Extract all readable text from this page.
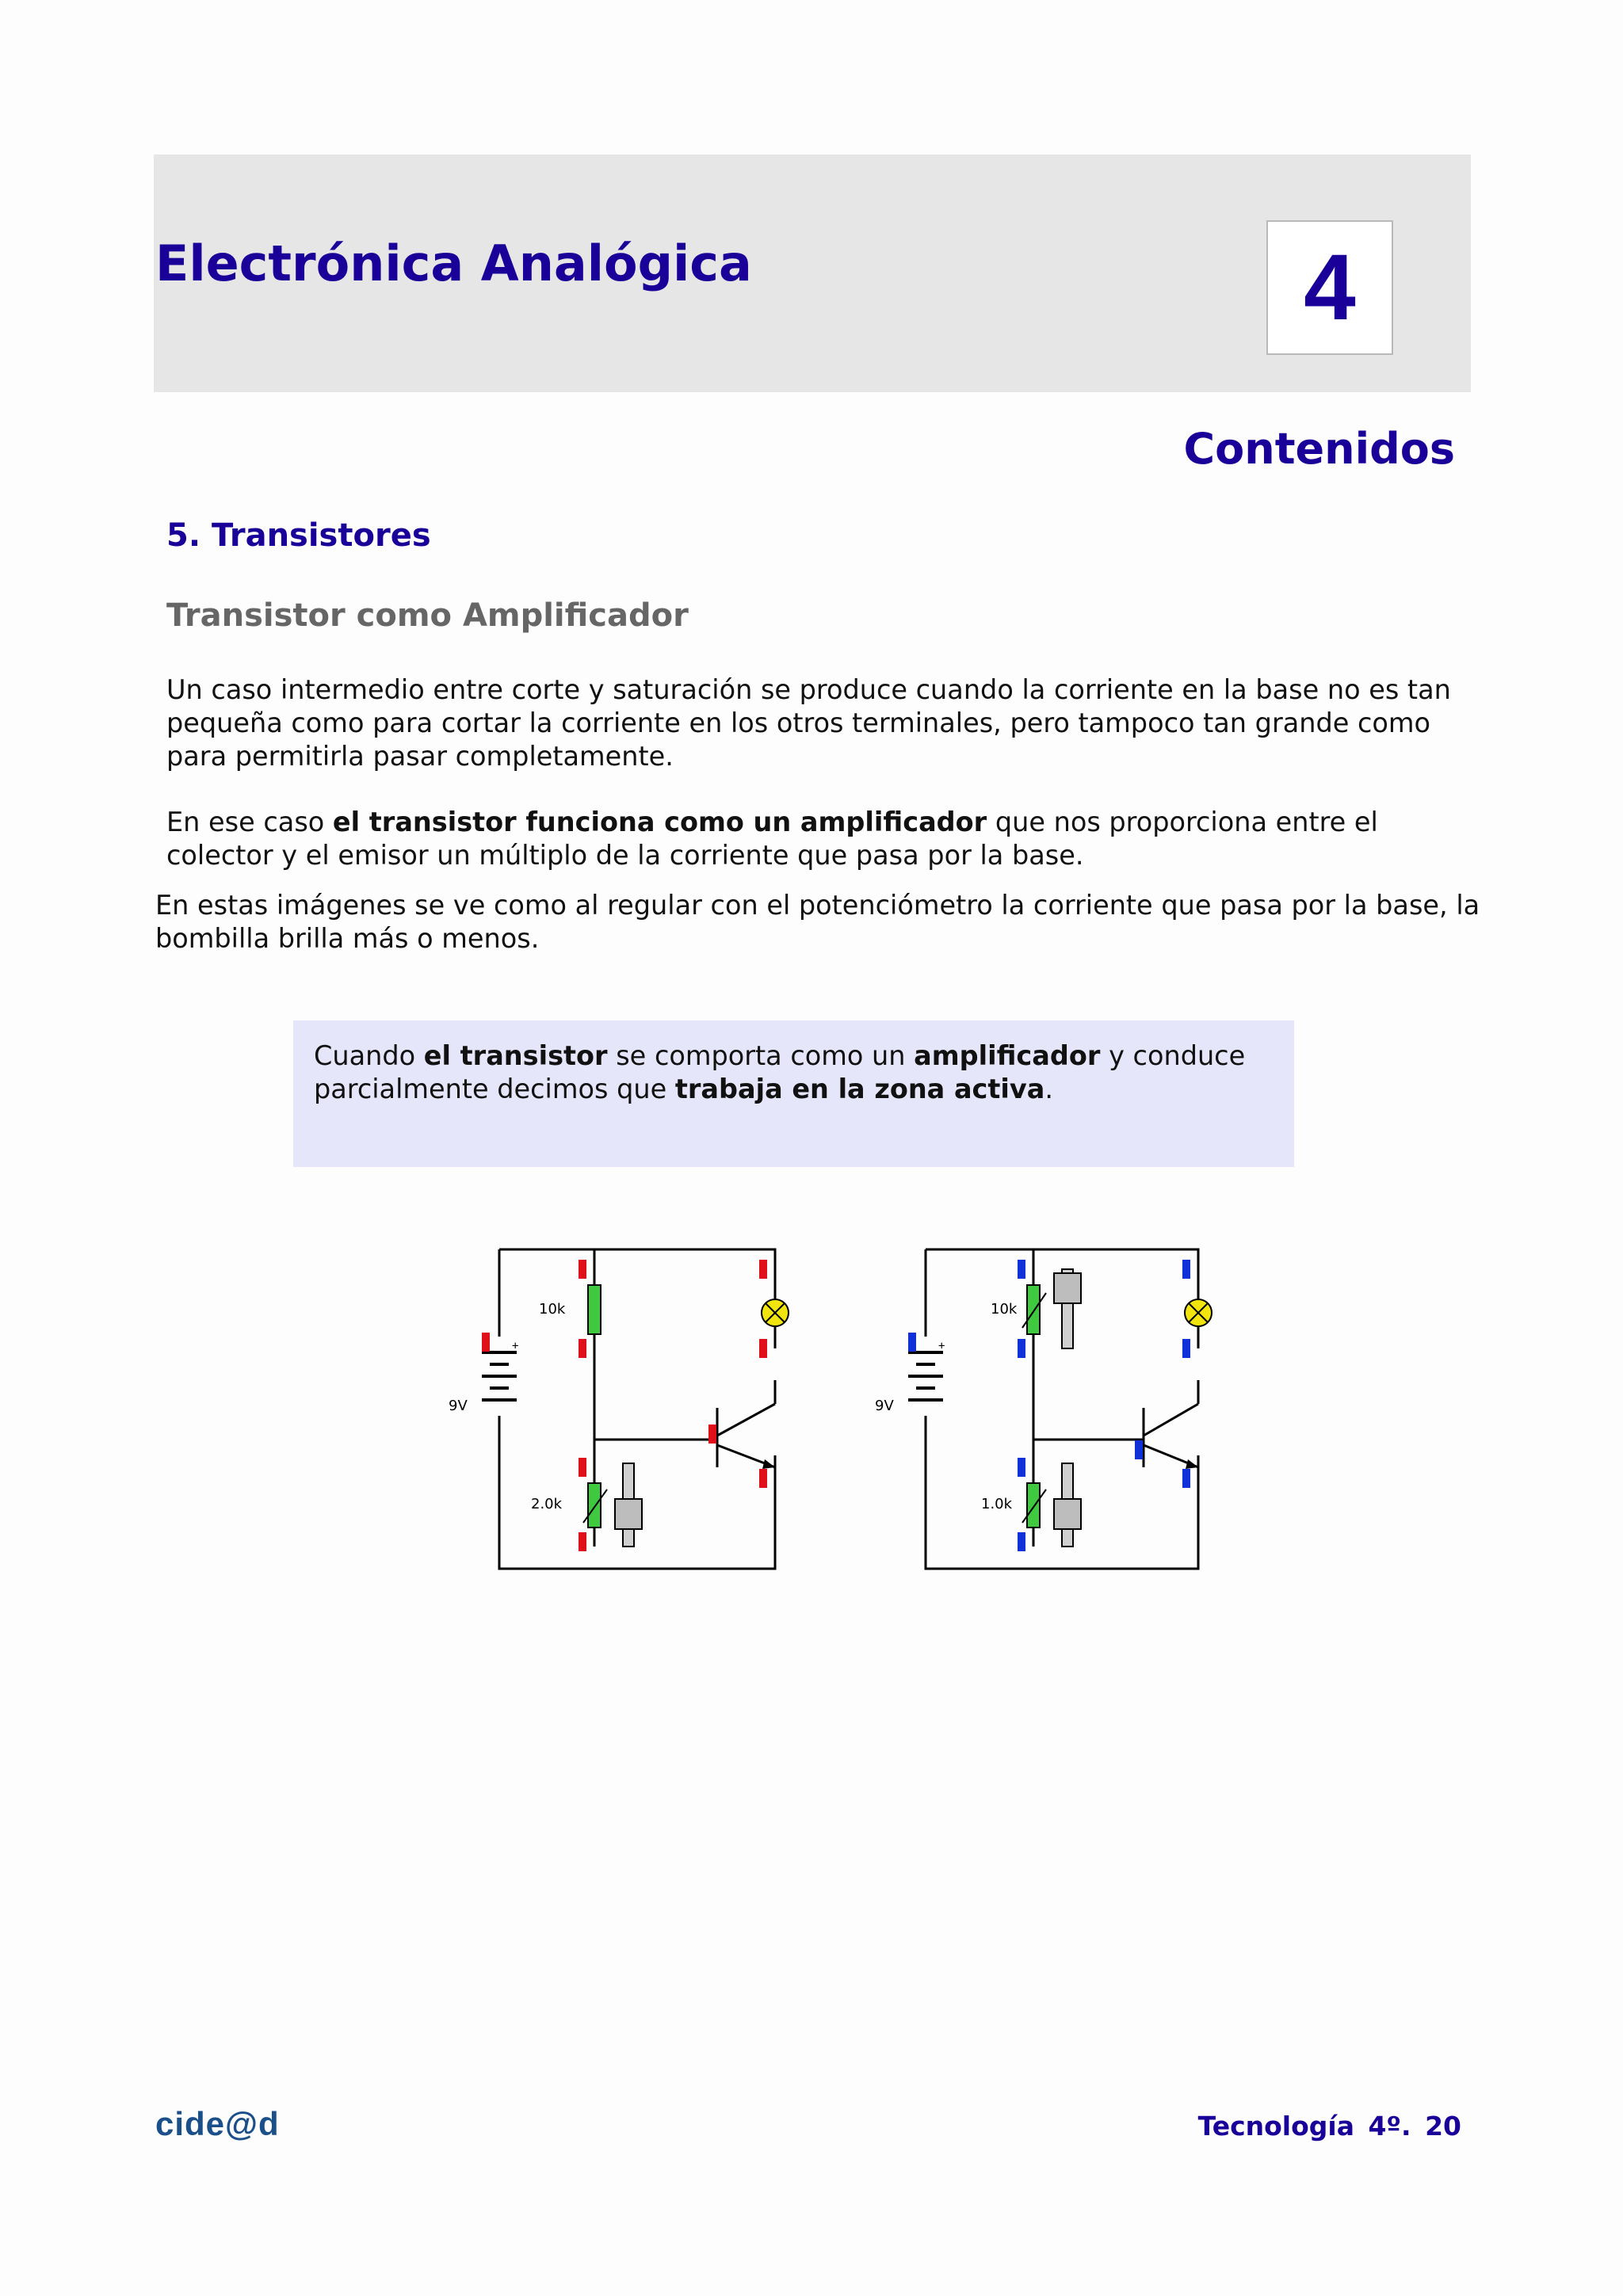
Electrónica Analógica	4
Contenidos
5. Transistores
Transistor como Amplificador

Un caso intermedio entre corte y saturación se produce cuando la corriente en la base no es tan pequeña como para cortar la corriente en los otros terminales, pero tampoco tan grande como para permitirla pasar completamente.

En ese caso el transistor funciona como un amplificador que nos proporciona entre el colector y el emisor un múltiplo de la corriente que pasa por la base.

En estas imágenes se ve como al regular con el potenciómetro la corriente que pasa por la base, la bombilla brilla más o menos.

Cuando el transistor se comporta como un amplificador y conduce parcialmente decimos que trabaja en la zona activa.
+
9V
10k
2.0k
+
9V
10k
1.0k
cide@d	Tecnología 4º. 20
